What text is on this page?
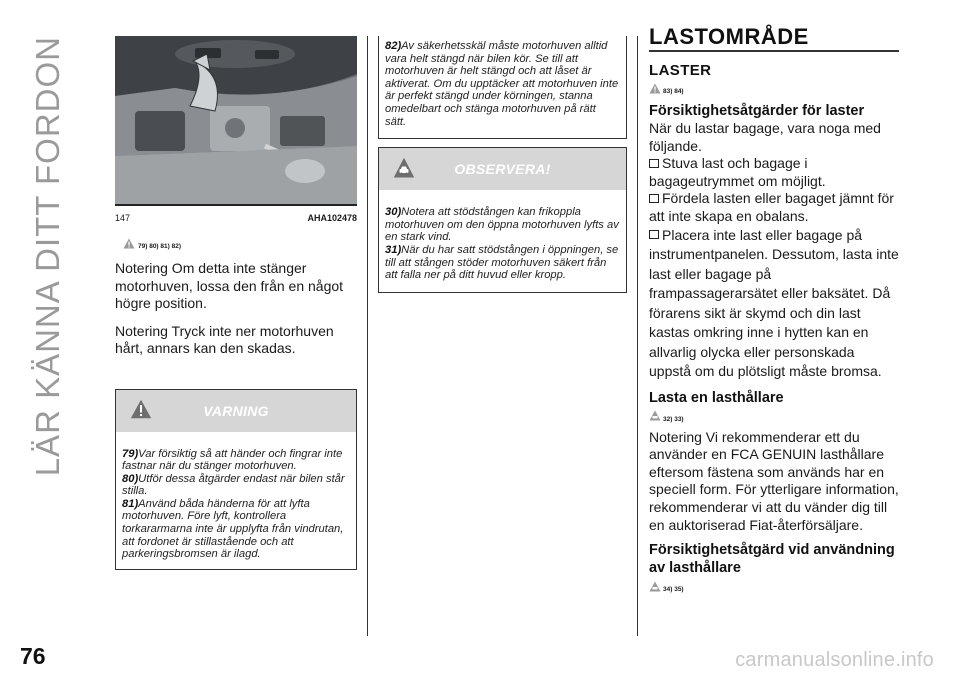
LÄR KÄNNA DITT FORDON
76	carmanualsonline.info
147	AHA102478
79) 80) 81) 82)

Notering Om detta inte stänger motorhuven, lossa den från en något högre position.

Notering Tryck inte ner motorhuven hårt, annars kan den skadas.

VARNING

79)Var försiktig så att händer och fingrar inte fastnar när du stänger motorhuven.

80)Utför dessa åtgärder endast när bilen står stilla.

81)Använd båda händerna för att lyfta motorhuven. Före lyft, kontrollera torkararmarna inte är upplyfta från vindrutan, att fordonet är stillastående och att parkeringsbromsen är ilagd.

82)Av säkerhetsskäl måste motorhuven alltid vara helt stängd när bilen kör. Se till att motorhuven är helt stängd och att låset är aktiverat. Om du upptäcker att motorhuven inte är perfekt stängd under körningen, stanna omedelbart och stänga motorhuven på rätt sätt.

OBSERVERA!

30)Notera att stödstången kan frikoppla motorhuven om den öppna motorhuven lyfts av en stark vind.

31)När du har satt stödstången i öppningen, se till att stången stöder motorhuven säkert från att falla ner på ditt huvud eller kropp.

LASTOMRÅDE
LASTER
83) 84)
Försiktighetsåtgärder för laster

När du lastar bagage, vara noga med följande.

Stuva last och bagage i bagageutrymmet om möjligt.

Fördela lasten eller bagaget jämnt för att inte skapa en obalans.

Placera inte last eller bagage på instrumentpanelen. Dessutom, lasta inte last eller bagage på frampassagerarsätet eller baksätet. Då förarens sikt är skymd och din last kastas omkring inne i hytten kan en allvarlig olycka eller personskada uppstå om du plötsligt måste bromsa.

Lasta en lasthållare
32) 33)

Notering Vi rekommenderar ett du använder en FCA GENUIN lasthållare eftersom fästena som används har en speciell form. För ytterligare information, rekommenderar vi att du vänder dig till en auktoriserad Fiat-återförsäljare.

Försiktighetsåtgärd vid användning av lasthållare
34) 35)
